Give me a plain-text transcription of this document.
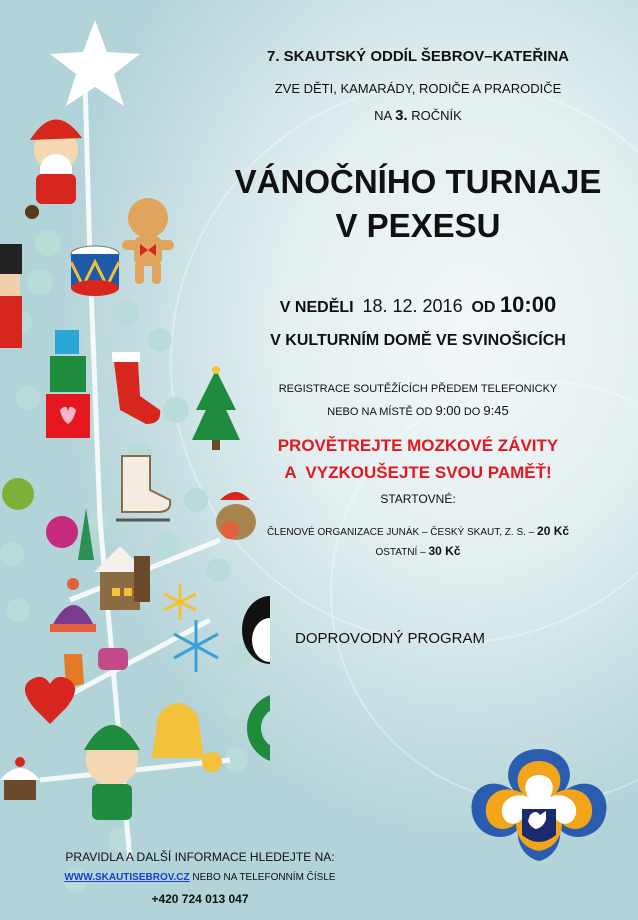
7. SKAUTSKÝ ODDÍL ŠEBROV–KATEŘINA
ZVE DĚTI, KAMARÁDY, RODIČE A PRARODIČE
NA 3. ROČNÍK
VÁNOČNÍHO TURNAJE
V PEXESU
V NEDĚLI 18. 12. 2016 OD 10:00
V KULTURNÍM DOMĚ VE SVINOŠICÍCH
REGISTRACE SOUTĚŽÍCÍCH PŘEDEM TELEFONICKY
NEBO NA MÍSTĚ OD 9:00 DO 9:45
PROVĚTREJTE MOZKOVÉ ZÁVITY
A  VYZKOUŠEJTE SVOU PAMĚŤ!
STARTOVNÉ:
ČLENOVÉ ORGANIZACE JUNÁK – ČESKÝ SKAUT, Z. S. – 20 Kč
OSTATNÍ – 30 Kč
DOPROVODNÝ PROGRAM
PRAVIDLA A DALŠÍ INFORMACE HLEDEJTE NA:
WWW.SKAUTISEBROV.CZ NEBO NA TELEFONNÍM ČÍSLE
+420 724 013 047
